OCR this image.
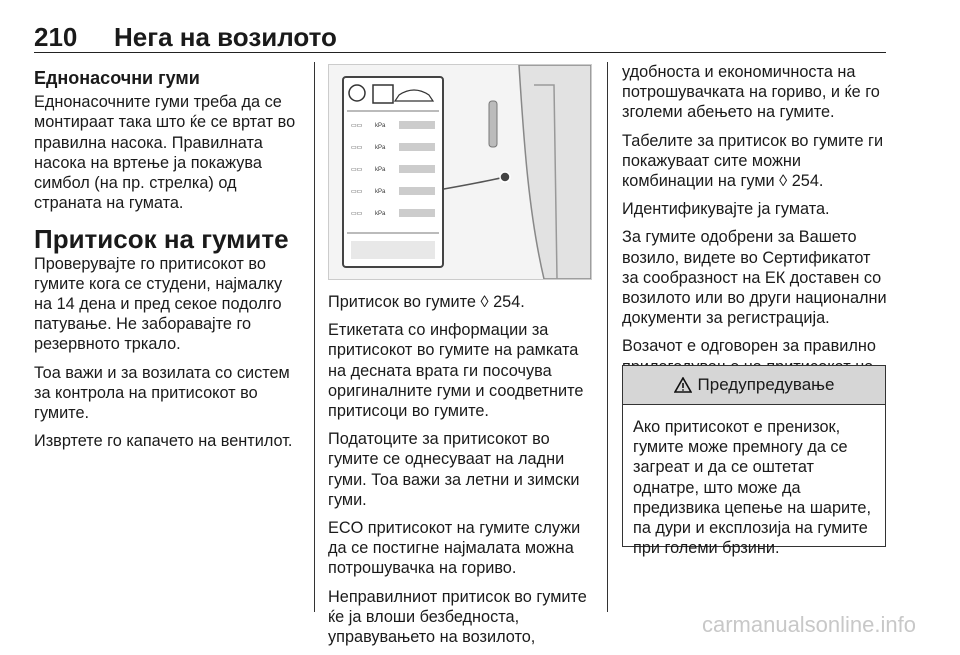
210 Нега на возилото
Еднонасочни гуми

Еднонасочните гуми треба да се монтираат така што ќе се вртат во правилна насока. Правилната насока на вртење ја покажува симбол (на пр. стрелка) од страната на гумата.

Притисок на гумите

Проверувајте го притисокот во гумите кога се студени, најмалку на 14 дена и пред секое подолго патување. Не заборавајте го резервното тркало.

Тоа важи и за возилата со систем за контрола на притисокот во гумите.

Извртете го капачето на вентилот.

▭▭ kPa
▭▭ kPa
▭▭ kPa
▭▭ kPa
▭▭ kPa

Притисок во гумите ◊ 254.

Етикетата со информации за притисокот во гумите на рамката на десната врата ги посочува оригиналните гуми и соодветните притисоци во гумите.

Податоците за притисокот во гумите се однесуваат на ладни гуми. Тоа важи за летни и зимски гуми.

ECO притисокот на гумите служи да се постигне најмалата можна потрошувачка на гориво.

Неправилниот притисок во гумите ќе ја влоши безбедноста, управувањето на возилото,

удобноста и економичноста на потрошувачката на гориво, и ќе го зголеми абењето на гумите.

Табелите за притисок во гумите ги покажуваат сите можни комбинации на гуми ◊ 254.

Идентификувајте ја гумата.

За гумите одобрени за Вашето возило, видете во Сертификатот за сообразност на ЕК доставен со возилото или во други национални документи за регистрација.

Возачот е одговорен за правилно

Предупредување
Ако притисокот е пренизок, гумите може премногу да се загреат и да се оштетат однатре, што може да предизвика цепење на шарите, па дури и експлозија на гумите при големи брзини.
carmanualsonline.info
